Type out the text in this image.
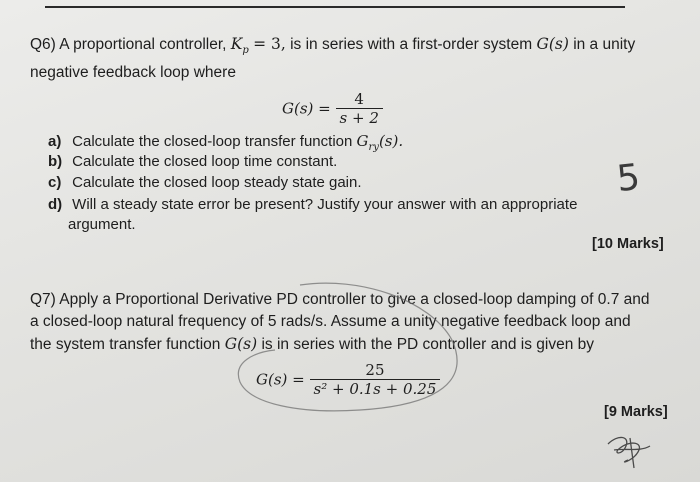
Q6) A proportional controller, $K_p = 3$, is in series with a first-order system G(s) in a unity
negative feedback loop where
$G(s) = \frac{4}{s + 2}$
a) Calculate the closed-loop transfer function $G_{ry}(s)$.
b) Calculate the closed loop time constant.
c) Calculate the closed loop steady state gain.
d) Will a steady state error be present? Justify your answer with an appropriate
argument.
5
[10 Marks]
Q7) Apply a Proportional Derivative PD controller to give a closed-loop damping of 0.7 and
a closed-loop natural frequency of 5 rads/s. Assume a unity negative feedback loop and
the system transfer function G(s) is in series with the PD controller and is given by
$G(s) = \frac{25}{\text{s² + 0.1s + 0.25}}$
[9 Marks]
